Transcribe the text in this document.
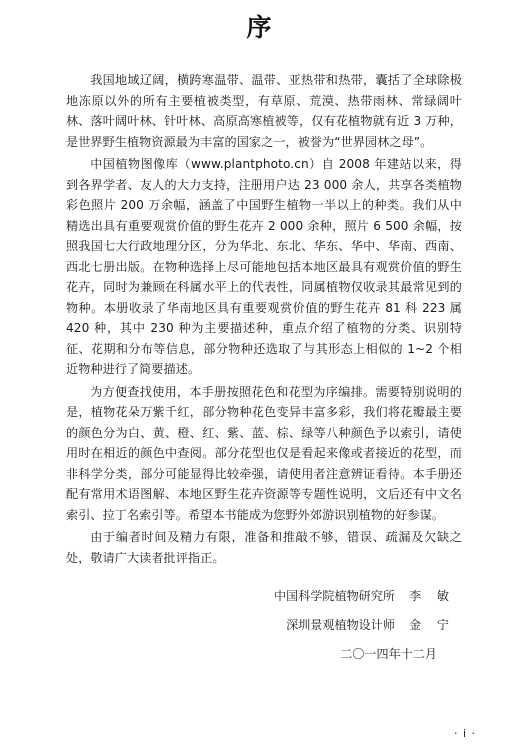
序

我国地域辽阔，横跨寒温带、温带、亚热带和热带，囊括了全球除极地冻原以外的所有主要植被类型，有草原、荒漠、热带雨林、常绿阔叶林、落叶阔叶林、针叶林、高原高寒植被等，仅有花植物就有近 3 万种，是世界野生植物资源最为丰富的国家之一，被誉为“世界园林之母”。

中国植物图像库（www.plantphoto.cn）自 2008 年建站以来，得到各界学者、友人的大力支持，注册用户达 23 000 余人，共享各类植物彩色照片 200 万余幅，涵盖了中国野生植物一半以上的种类。我们从中精选出具有重要观赏价值的野生花卉 2 000 余种，照片 6 500 余幅，按照我国七大行政地理分区，分为华北、东北、华东、华中、华南、西南、西北七册出版。在物种选择上尽可能地包括本地区最具有观赏价值的野生花卉，同时为兼顾在科属水平上的代表性，同属植物仅收录其最常见到的物种。本册收录了华南地区具有重要观赏价值的野生花卉 81 科 223 属 420 种，其中 230 种为主要描述种，重点介绍了植物的分类、识别特征、花期和分布等信息，部分物种还选取了与其形态上相似的 1~2 个相近物种进行了简要描述。

为方便查找使用，本手册按照花色和花型为序编排。需要特别说明的是，植物花朵万紫千红，部分物种花色变异丰富多彩，我们将花瓣最主要的颜色分为白、黄、橙、红、紫、蓝、棕、绿等八种颜色予以索引，请使用时在相近的颜色中查阅。部分花型也仅是看起来像或者接近的花型，而非科学分类，部分可能显得比较牵强，请使用者注意辨证看待。本手册还配有常用术语图解、本地区野生花卉资源等专题性说明，文后还有中文名索引、拉丁名索引等。希望本书能成为您野外郊游识别植物的好参谋。

由于编者时间及精力有限，准备和推敲不够，错误、疏漏及欠缺之处，敬请广大读者批评指正。

中国科学院植物研究所 李 敏
深圳景观植物设计师 金 宁
二〇一四年十二月
· i ·
